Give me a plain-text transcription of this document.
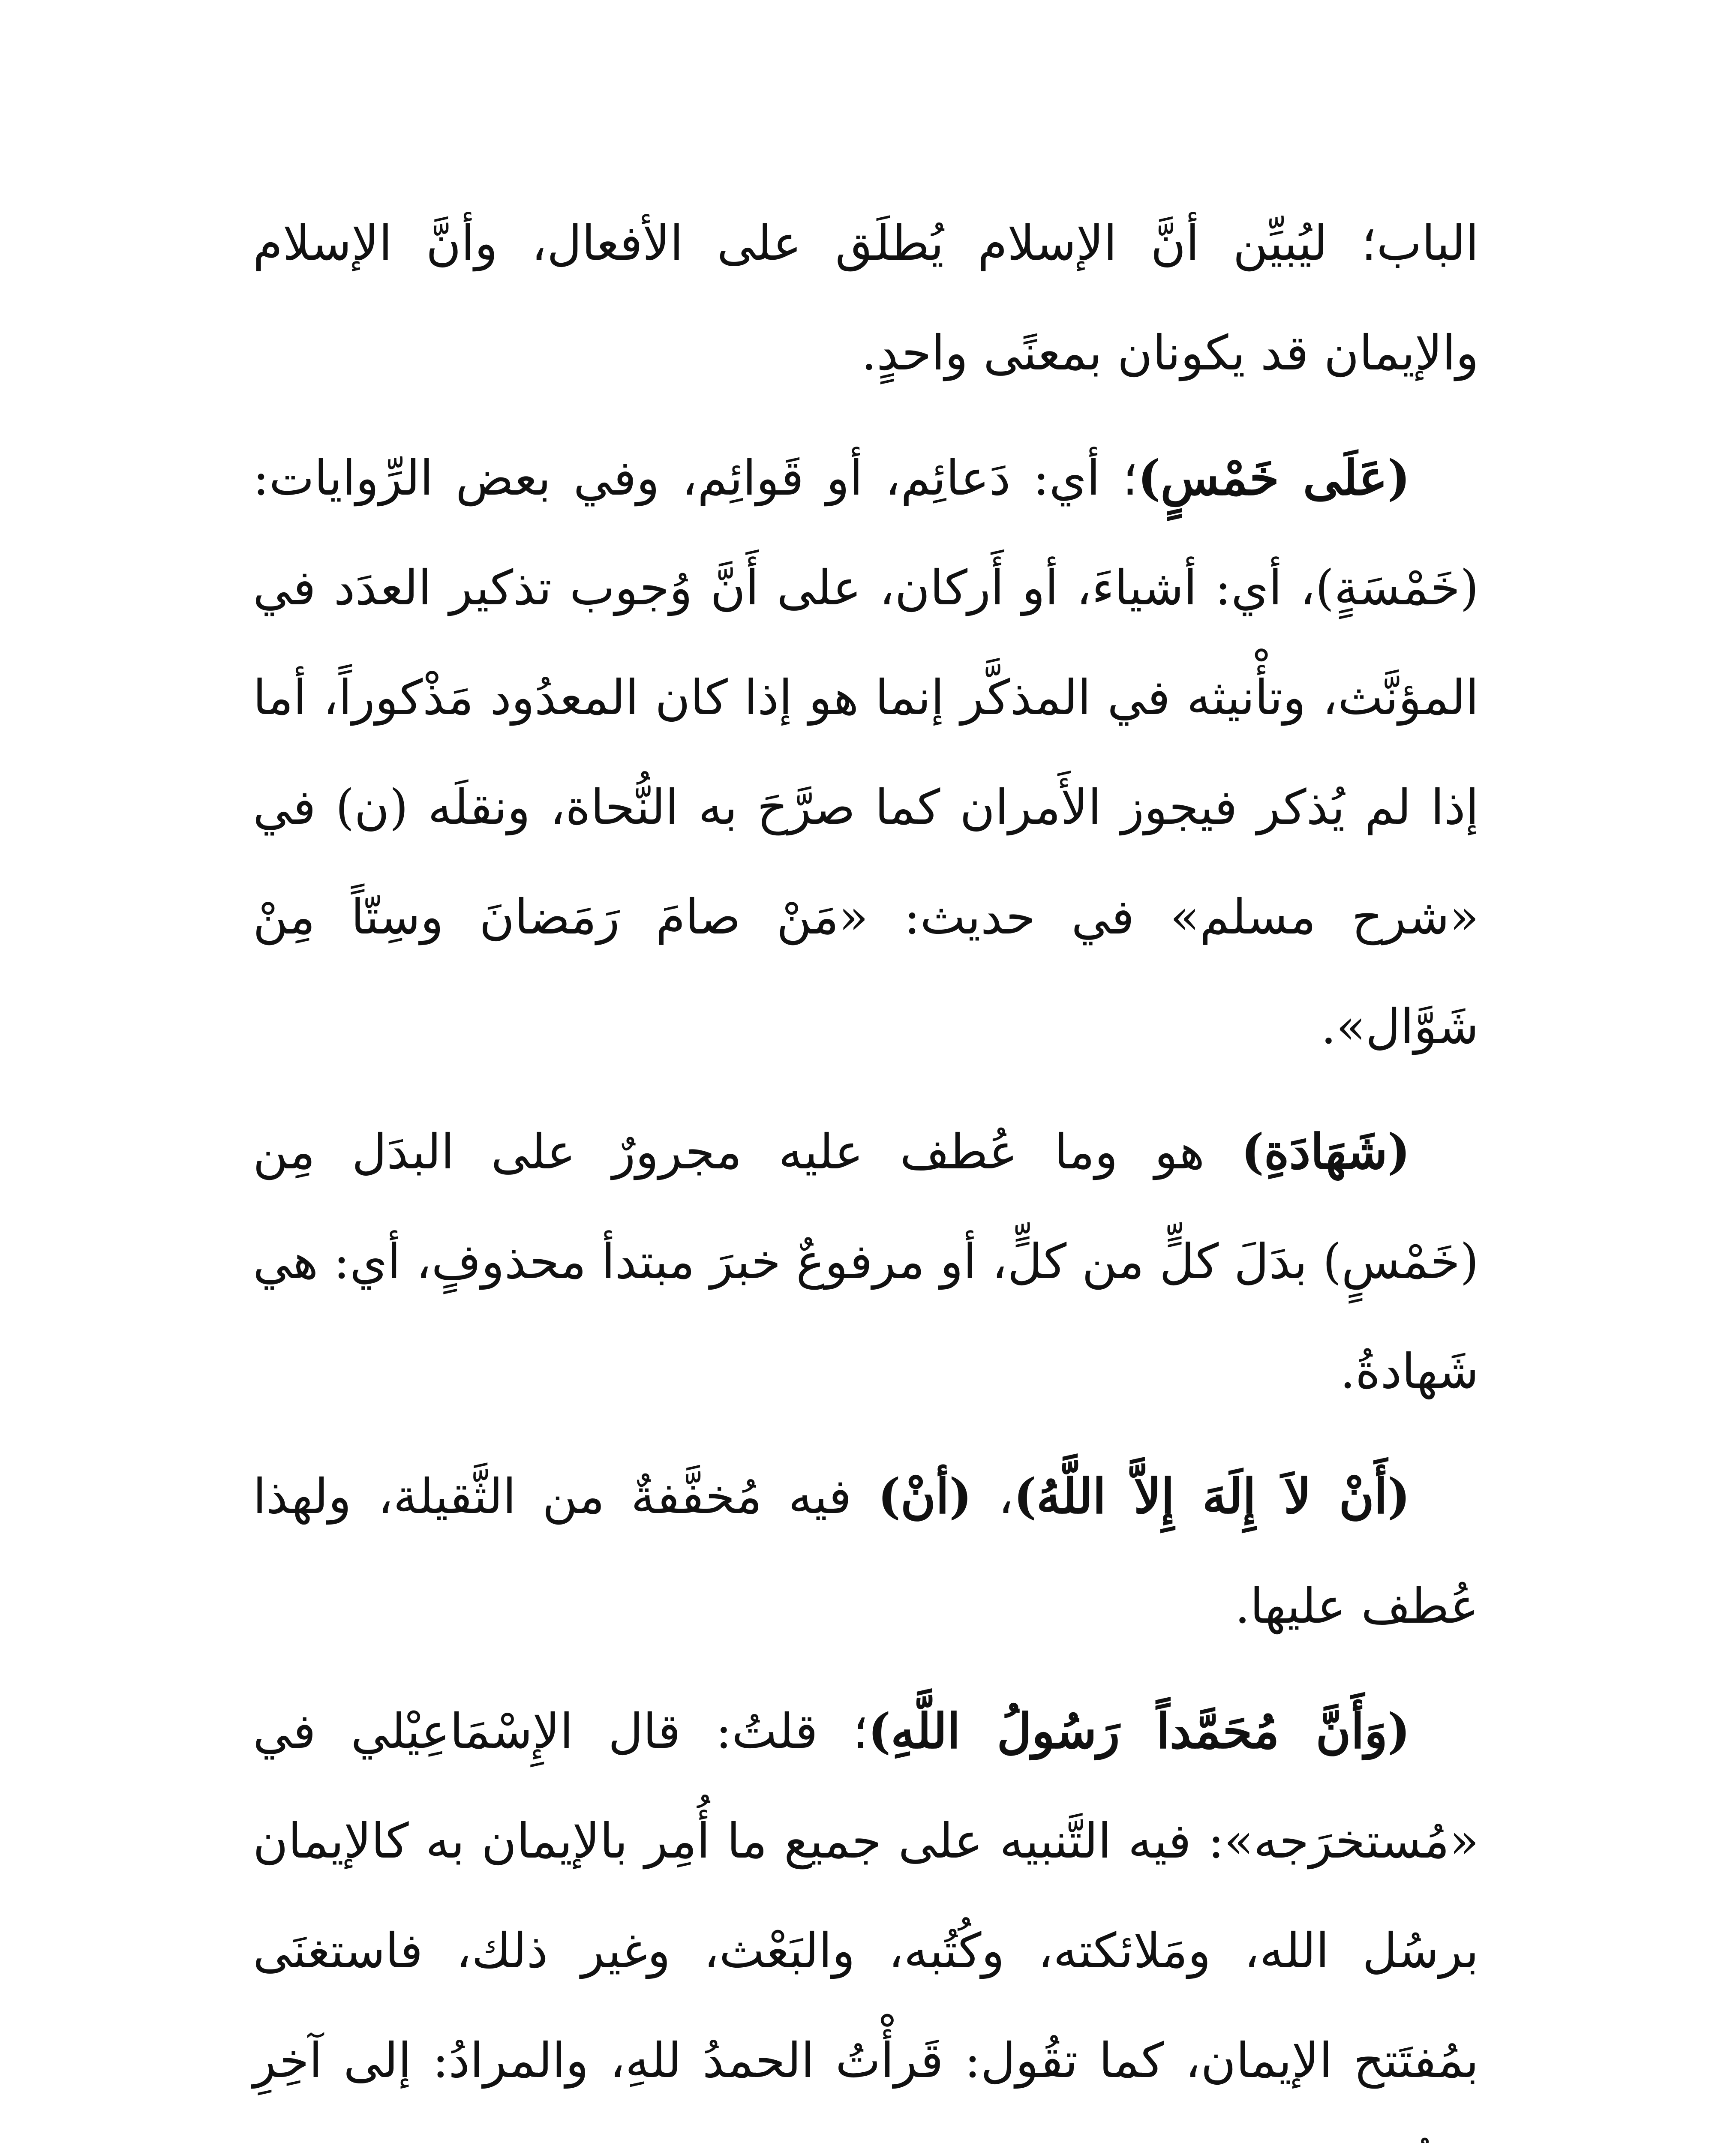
الباب؛ ليُبيِّن أنَّ الإسلام يُطلَق على الأفعال، وأنَّ الإسلام والإيمان قد يكونان بمعنًى واحدٍ.

(عَلَى خَمْسٍ)؛ أي: دَعائِم، أو قَوائِم، وفي بعض الرِّوايات: (خَمْسَةٍ)، أي: أشياءَ، أو أَركان، على أَنَّ وُجوب تذكير العدَد في المؤنَّث، وتأْنيثه في المذكَّر إنما هو إذا كان المعدُود مَذْكوراً، أما إذا لم يُذكر فيجوز الأَمران كما صرَّحَ به النُّحاة، ونقلَه (ن) في «شرح مسلم» في حديث: «مَنْ صامَ رَمَضانَ وسِتّاً مِنْ شَوَّال».

(شَهَادَةِ) هو وما عُطف عليه مجرورٌ على البدَل مِن (خَمْسٍ) بدَلَ كلٍّ من كلٍّ، أو مرفوعٌ خبرَ مبتدأ محذوفٍ، أي: هي شَهادةُ.

(أَنْ لاَ إِلَهَ إِلاَّ اللَّهُ)، (أنْ) فيه مُخفَّفةٌ من الثَّقيلة، ولهذا عُطف عليها.

(وَأَنَّ مُحَمَّداً رَسُولُ اللَّهِ)؛ قلتُ: قال الإِسْمَاعِيْلي في «مُستخرَجه»: فيه التَّنبيه على جميع ما أُمِر بالإيمان به كالإيمان برسُل الله، ومَلائكته، وكُتُبه، والبَعْث، وغير ذلك، فاستغنَى بمُفتَتح الإيمان، كما تقُول: قَرأْتُ الحمدُ للهِ، والمرادُ: إلى آخِرِ
